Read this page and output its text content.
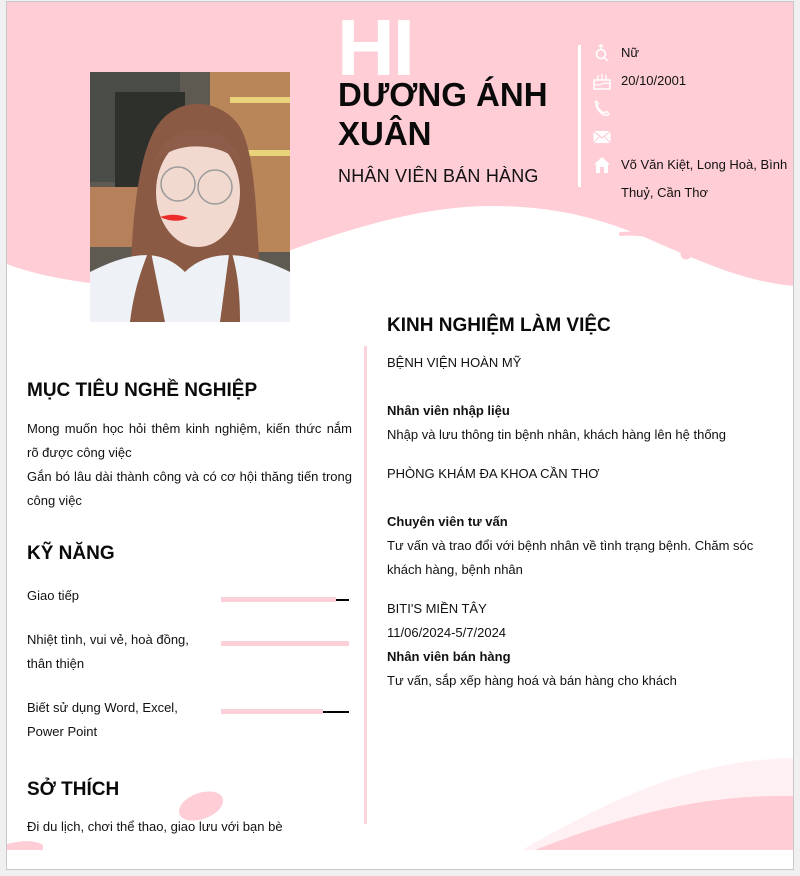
HI
DƯƠNG ÁNH
XUÂN
NHÂN VIÊN BÁN HÀNG
Nữ
20/10/2001
Võ Văn Kiệt, Long Hoà, Bình Thuỷ, Cần Thơ
MỤC TIÊU NGHỀ NGHIỆP
Mong muốn học hỏi thêm kinh nghiệm, kiến thức nắm rõ được công việc
Gắn bó lâu dài thành công và có cơ hội thăng tiến trong công việc
KỸ NĂNG
Giao tiếp
Nhiệt tình, vui vẻ, hoà đồng, thân thiện
Biết sử dụng Word, Excel, Power Point
SỞ THÍCH
Đi du lịch, chơi thể thao, giao lưu với bạn bè
KINH NGHIỆM LÀM VIỆC
BỆNH VIỆN HOÀN MỸ
Nhân viên nhập liệu
Nhập và lưu thông tin bệnh nhân, khách hàng lên hệ thống
PHÒNG KHÁM ĐA KHOA CẦN THƠ
Chuyên viên tư vấn
Tư vấn và trao đổi với bệnh nhân về tình trạng bệnh. Chăm sóc khách hàng, bệnh nhân
BITI'S MIỀN TÂY
11/06/2024-5/7/2024
Nhân viên bán hàng
Tư vấn, sắp xếp hàng hoá và bán hàng cho khách
